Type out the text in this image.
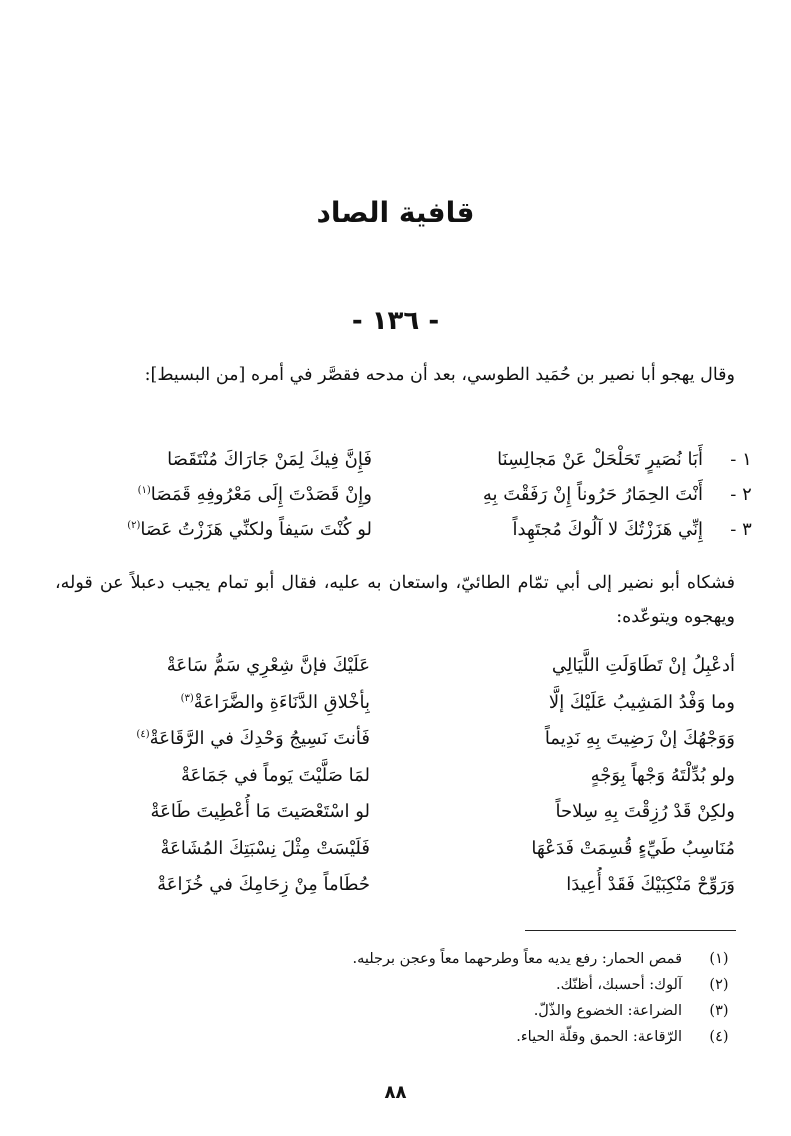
قافية الصاد
- ١٣٦ -

وقال يهجو أبا نصير بن حُمَيد الطوسي، بعد أن مدحه فقصَّر في أمره [من البسيط]:

١ -
أَبَا نُصَيرٍ تَحَلْحَلْ عَنْ مَجالِسِنَا
فَإِنَّ فِيكَ لِمَنْ جَارَاكَ مُنْتَقَصَا
٢ -
أَنْتَ الحِمَارُ حَرُوناً إِنْ رَفَقْتَ بِهِ
وإِنْ قَصَدْتَ إِلَى مَعْرُوفِهِ قَمَصَا$^{(١)}$
٣ -
إِنِّي هَزَزْتُكَ لا آلُوكَ مُجتَهِداً
لو كُنْتَ سَيفاً ولكنِّي هَزَزْتُ عَصَا$^{(٢)}$

فشكاه أبو نضير إلى أبي تمّام الطائيّ، واستعان به عليه، فقال أبو تمام يجيب دعبلاً عن قوله، ويهجوه ويتوعّده:

أدعْبِلُ إنْ تَطَاوَلَتِ اللَّيَالِي
عَلَيْكَ فإنَّ شِعْرِي سَمُّ سَاعَةْ
وما وَفْدُ المَشِيبُ عَلَيْكَ إلَّا
بِأخْلاقِ الدَّنَاءَةِ والضَّرَاعَةْ$^{(٣)}$
وَوَجْهُكَ إنْ رَضِيتَ بِهِ نَدِيماً
فَأنتَ نَسِيجُ وَحْدِكَ في الرَّقَاعَةْ$^{(٤)}$
ولو بُدِّلْتَهُ وَجْهاً بِوَجْهٍ
لمَا صَلَّيْتَ يَوماً في جَمَاعَةْ
ولكِنْ قَدْ رُزِقْتَ بِهِ سِلاحاً
لو اسْتَعْصَيتَ مَا أُعْطِيتَ طَاعَةْ
مُنَاسِبُ طَيِّءٍ قُسِمَتْ فَدَعْهَا
فَلَيْسَتْ مِثْلَ نِسْبَتِكَ المُشَاعَةْ
وَرَوِّحْ مَنْكِبَيْكَ فَقَدْ أُعِيدَا
حُطَاماً مِنْ زِحَامِكَ في خُزَاعَةْ
(١)
قمص الحمار: رفع يديه معاً وطرحهما معاً وعجن برجليه.
(٢)
آلوك: أحسبك، أظنّك.
(٣)
الضراعة: الخضوع والذّلّ.
(٤)
الرّقاعة: الحمق وقلّة الحياء.
٨٨
